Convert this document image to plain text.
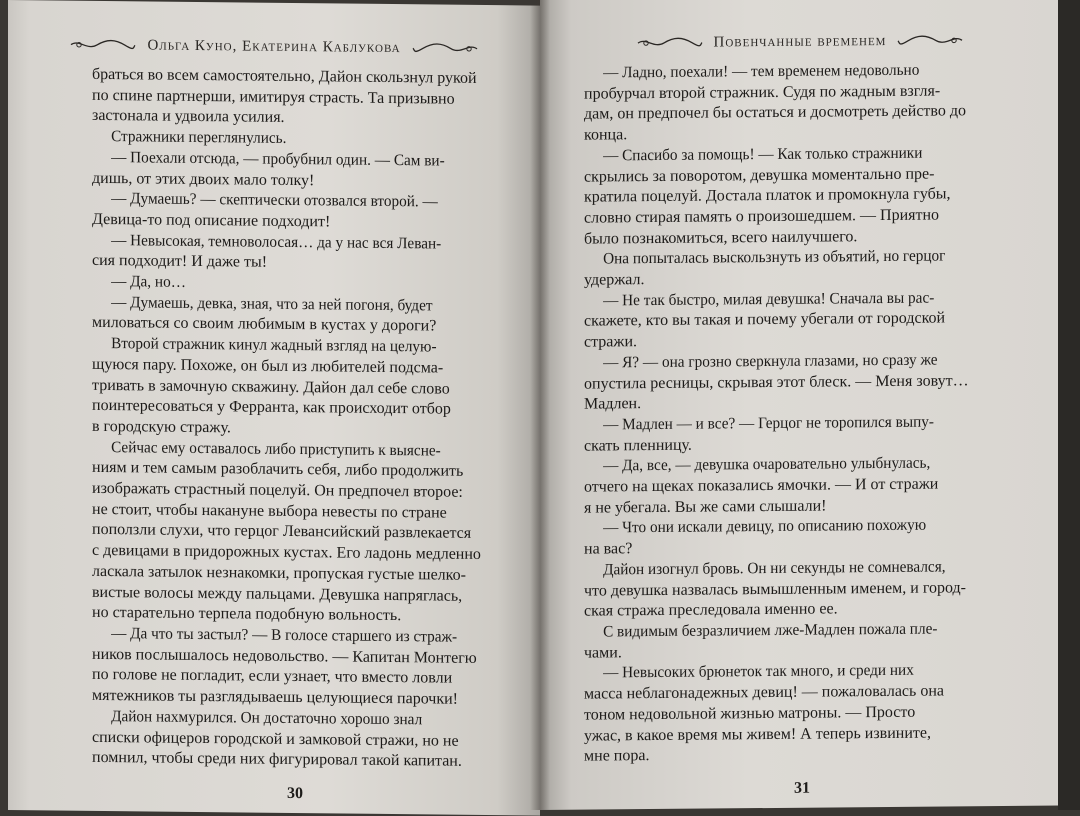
Ольга Куно, Екатерина Каблукова

браться во всем самостоятельно, Дайон скользнул рукой

по спине партнерши, имитируя страсть. Та призывно

застонала и удвоила усилия.

Стражники переглянулись.

— Поехали отсюда, — пробубнил один. — Сам ви-

дишь, от этих двоих мало толку!

— Думаешь? — скептически отозвался второй. —

Девица-то под описание подходит!

— Невысокая, темноволосая… да у нас вся Леван-

сия подходит! И даже ты!

— Да, но…

— Думаешь, девка, зная, что за ней погоня, будет

миловаться со своим любимым в кустах у дороги?

Второй стражник кинул жадный взгляд на целую-

щуюся пару. Похоже, он был из любителей подсма-

тривать в замочную скважину. Дайон дал себе слово

поинтересоваться у Ферранта, как происходит отбор

в городскую стражу.

Сейчас ему оставалось либо приступить к выясне-

ниям и тем самым разоблачить себя, либо продолжить

изображать страстный поцелуй. Он предпочел второе:

не стоит, чтобы накануне выбора невесты по стране

поползли слухи, что герцог Левансийский развлекается

с девицами в придорожных кустах. Его ладонь медленно

ласкала затылок незнакомки, пропуская густые шелко-

вистые волосы между пальцами. Девушка напряглась,

но старательно терпела подобную вольность.

— Да что ты застыл? — В голосе старшего из страж-

ников послышалось недовольство. — Капитан Монтегю

по голове не погладит, если узнает, что вместо ловли

мятежников ты разглядываешь целующиеся парочки!

Дайон нахмурился. Он достаточно хорошо знал

списки офицеров городской и замковой стражи, но не

помнил, чтобы среди них фигурировал такой капитан.

30
Повенчанные временем

— Ладно, поехали! — тем временем недовольно

пробурчал второй стражник. Судя по жадным взгля-

дам, он предпочел бы остаться и досмотреть действо до

конца.

— Спасибо за помощь! — Как только стражники

скрылись за поворотом, девушка моментально пре-

кратила поцелуй. Достала платок и промокнула губы,

словно стирая память о произошедшем. — Приятно

было познакомиться, всего наилучшего.

Она попыталась выскользнуть из объятий, но герцог

удержал.

— Не так быстро, милая девушка! Сначала вы рас-

скажете, кто вы такая и почему убегали от городской

стражи.

— Я? — она грозно сверкнула глазами, но сразу же

опустила ресницы, скрывая этот блеск. — Меня зовут…

Мадлен.

— Мадлен — и все? — Герцог не торопился выпу-

скать пленницу.

— Да, все, — девушка очаровательно улыбнулась,

отчего на щеках показались ямочки. — И от стражи

я не убегала. Вы же сами слышали!

— Что они искали девицу, по описанию похожую

на вас?

Дайон изогнул бровь. Он ни секунды не сомневался,

что девушка назвалась вымышленным именем, и город-

ская стража преследовала именно ее.

С видимым безразличием лже-Мадлен пожала пле-

чами.

— Невысоких брюнеток так много, и среди них

масса неблагонадежных девиц! — пожаловалась она

тоном недовольной жизнью матроны. — Просто

ужас, в какое время мы живем! А теперь извините,

мне пора.

31
